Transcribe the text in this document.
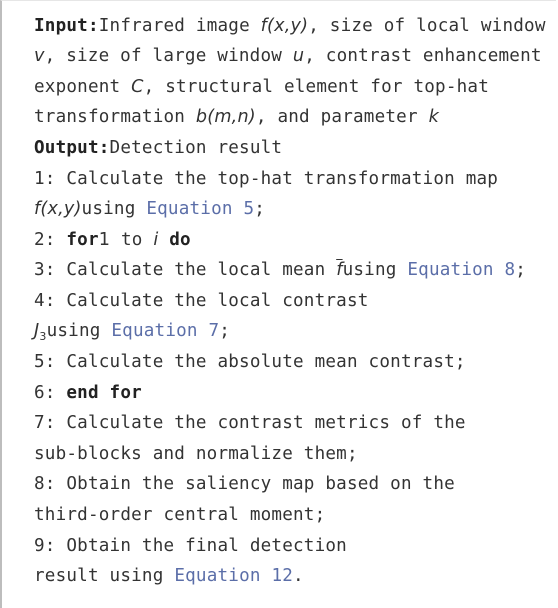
Input:Infrared image f(x,y), size of local window
v, size of large window u, contrast enhancement
exponent C, structural element for top-hat
transformation b(m,n), and parameter k
Output:Detection result
1: Calculate the top-hat transformation map
f(x,y)using Equation 5;
2: for1 to i do
3: Calculate the local mean $\overline{f}using$ Equation 8;
4: Calculate the local contrast
$J_3using$ Equation 7;
5: Calculate the absolute mean contrast;
6: end for
7: Calculate the contrast metrics of the
sub-blocks and normalize them;
8: Obtain the saliency map based on the
third-order central moment;
9: Obtain the final detection
result using Equation 12.
